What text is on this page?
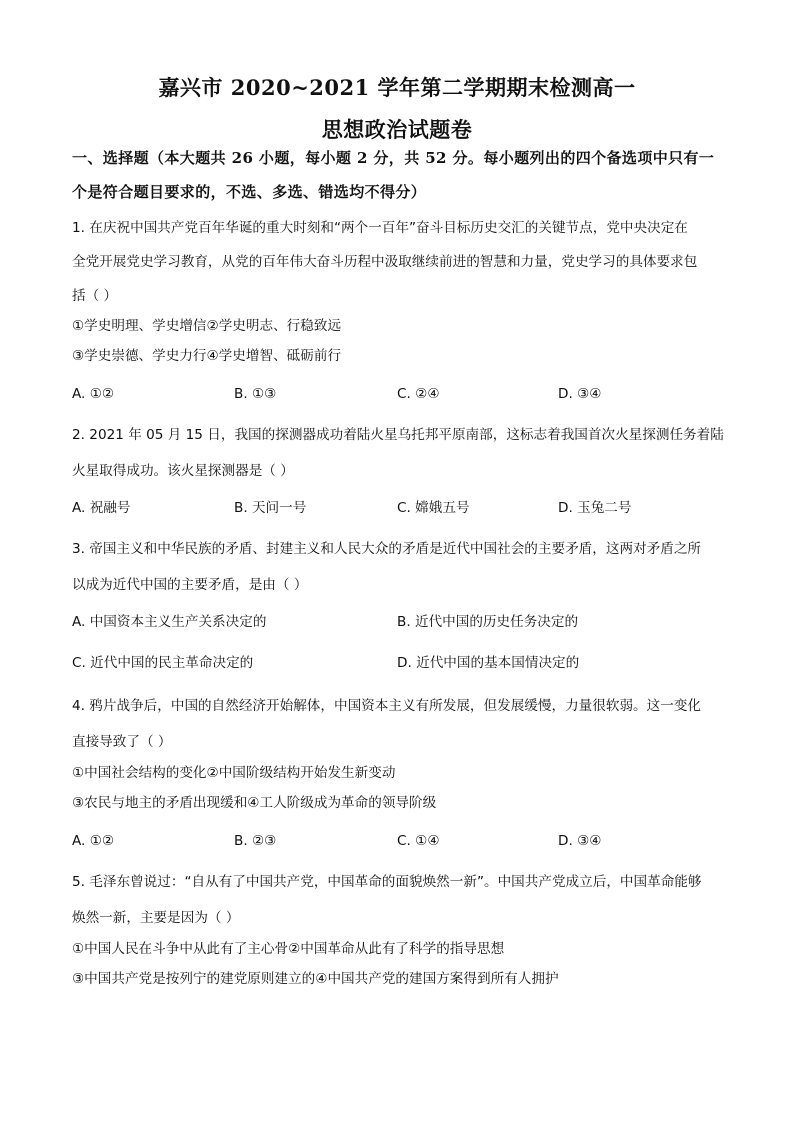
嘉兴市 2020~2021 学年第二学期期末检测高一
思想政治试题卷
一、选择题（本大题共 26 小题，每小题 2 分，共 52 分。每小题列出的四个备选项中只有一
个是符合题目要求的，不选、多选、错选均不得分）
1. 在庆祝中国共产党百年华诞的重大时刻和“两个一百年”奋斗目标历史交汇的关键节点，党中央决定在
全党开展党史学习教育，从党的百年伟大奋斗历程中汲取继续前进的智慧和力量，党史学习的具体要求包
括（ ）
①学史明理、学史增信②学史明志、行稳致远
③学史崇德、学史力行④学史增智、砥砺前行
A. ①②	B. ①③	C. ②④	D. ③④
2. 2021 年 05 月 15 日，我国的探测器成功着陆火星乌托邦平原南部，这标志着我国首次火星探测任务着陆
火星取得成功。该火星探测器是（ ）
A. 祝融号	B. 天问一号	C. 嫦娥五号	D. 玉兔二号
3. 帝国主义和中华民族的矛盾、封建主义和人民大众的矛盾是近代中国社会的主要矛盾，这两对矛盾之所
以成为近代中国的主要矛盾，是由（ ）
A. 中国资本主义生产关系决定的	B. 近代中国的历史任务决定的
C. 近代中国的民主革命决定的	D. 近代中国的基本国情决定的
4. 鸦片战争后，中国的自然经济开始解体，中国资本主义有所发展，但发展缓慢，力量很软弱。这一变化
直接导致了（ ）
①中国社会结构的变化②中国阶级结构开始发生新变动
③农民与地主的矛盾出现缓和④工人阶级成为革命的领导阶级
A. ①②	B. ②③	C. ①④	D. ③④
5. 毛泽东曾说过：“自从有了中国共产党，中国革命的面貌焕然一新”。中国共产党成立后，中国革命能够
焕然一新，主要是因为（ ）
①中国人民在斗争中从此有了主心骨②中国革命从此有了科学的指导思想
③中国共产党是按列宁的建党原则建立的④中国共产党的建国方案得到所有人拥护
